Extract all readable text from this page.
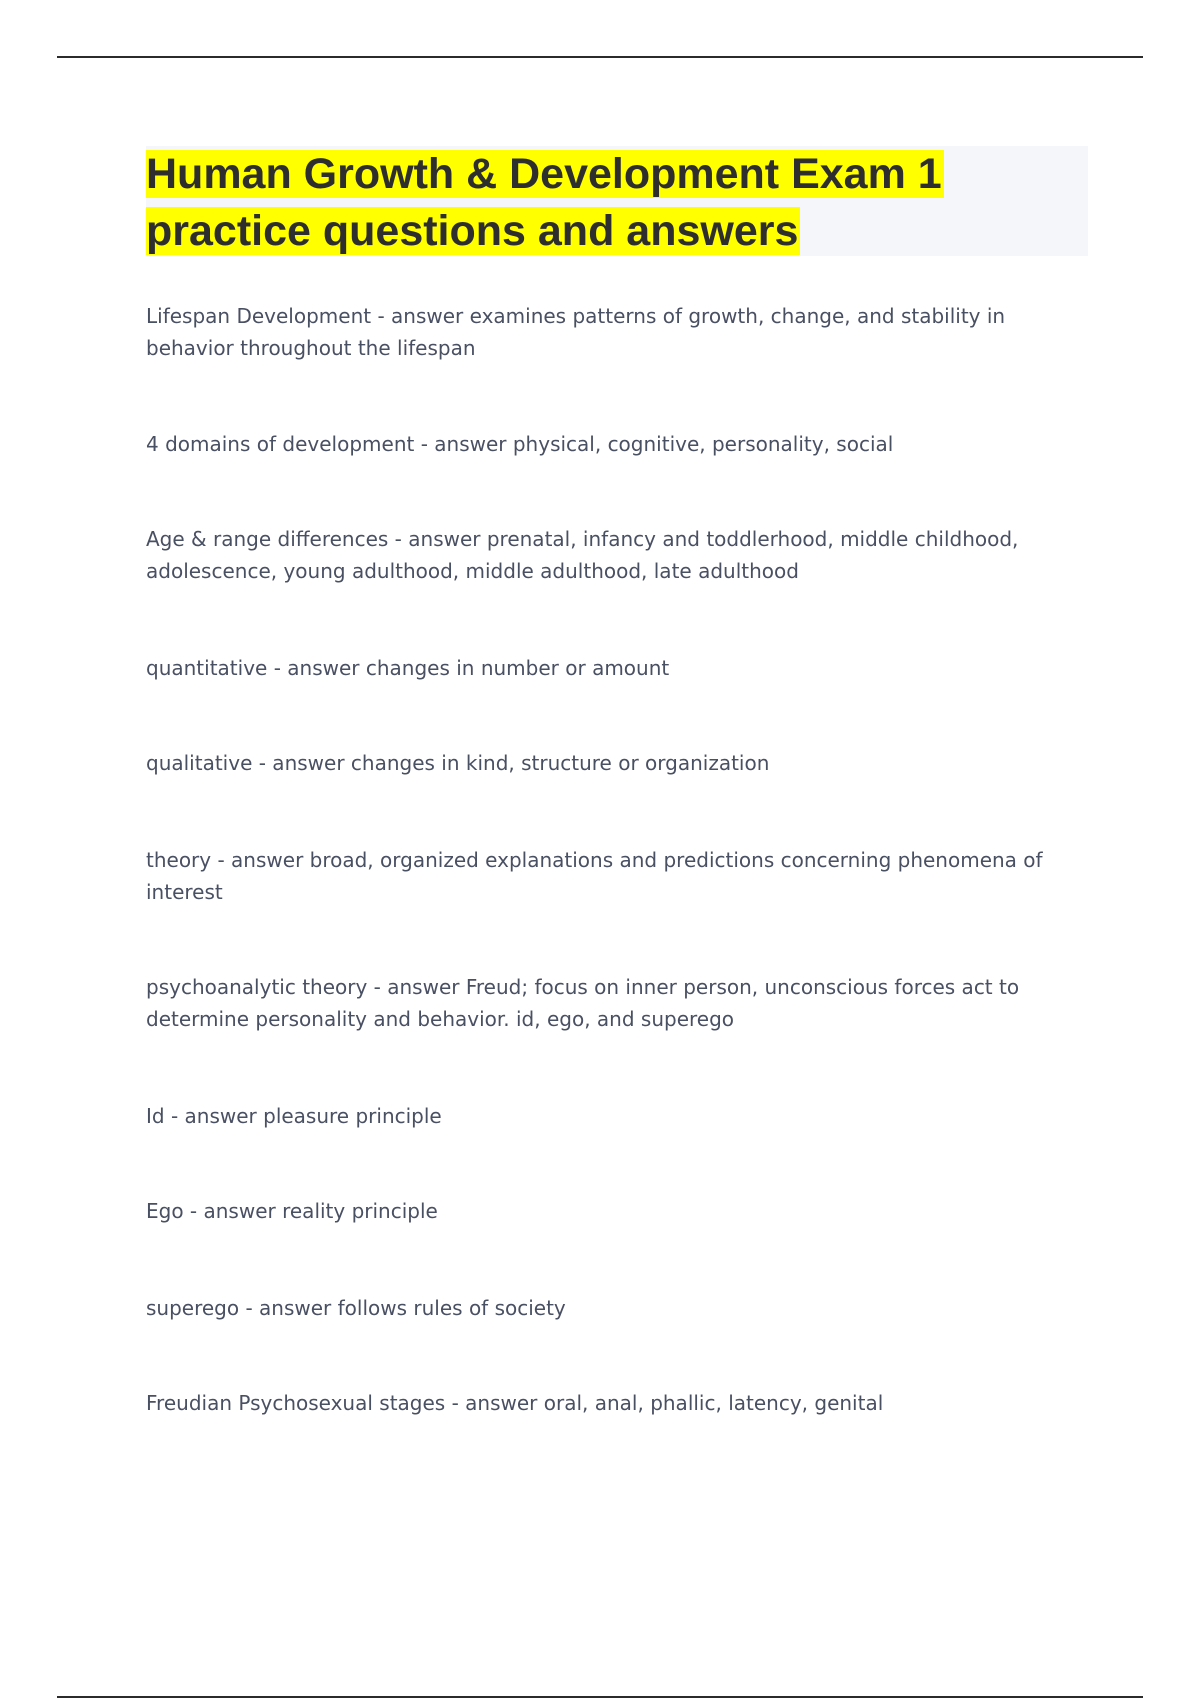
Human Growth & Development Exam 1 practice questions and answers
Lifespan Development - answer examines patterns of growth, change, and stability in behavior throughout the lifespan
4 domains of development - answer physical, cognitive, personality, social
Age & range differences - answer prenatal, infancy and toddlerhood, middle childhood, adolescence, young adulthood, middle adulthood, late adulthood
quantitative - answer changes in number or amount
qualitative - answer changes in kind, structure or organization
theory - answer broad, organized explanations and predictions concerning phenomena of interest
psychoanalytic theory - answer Freud; focus on inner person, unconscious forces act to determine personality and behavior. id, ego, and superego
Id - answer pleasure principle
Ego - answer reality principle
superego - answer follows rules of society
Freudian Psychosexual stages - answer oral, anal, phallic, latency, genital
